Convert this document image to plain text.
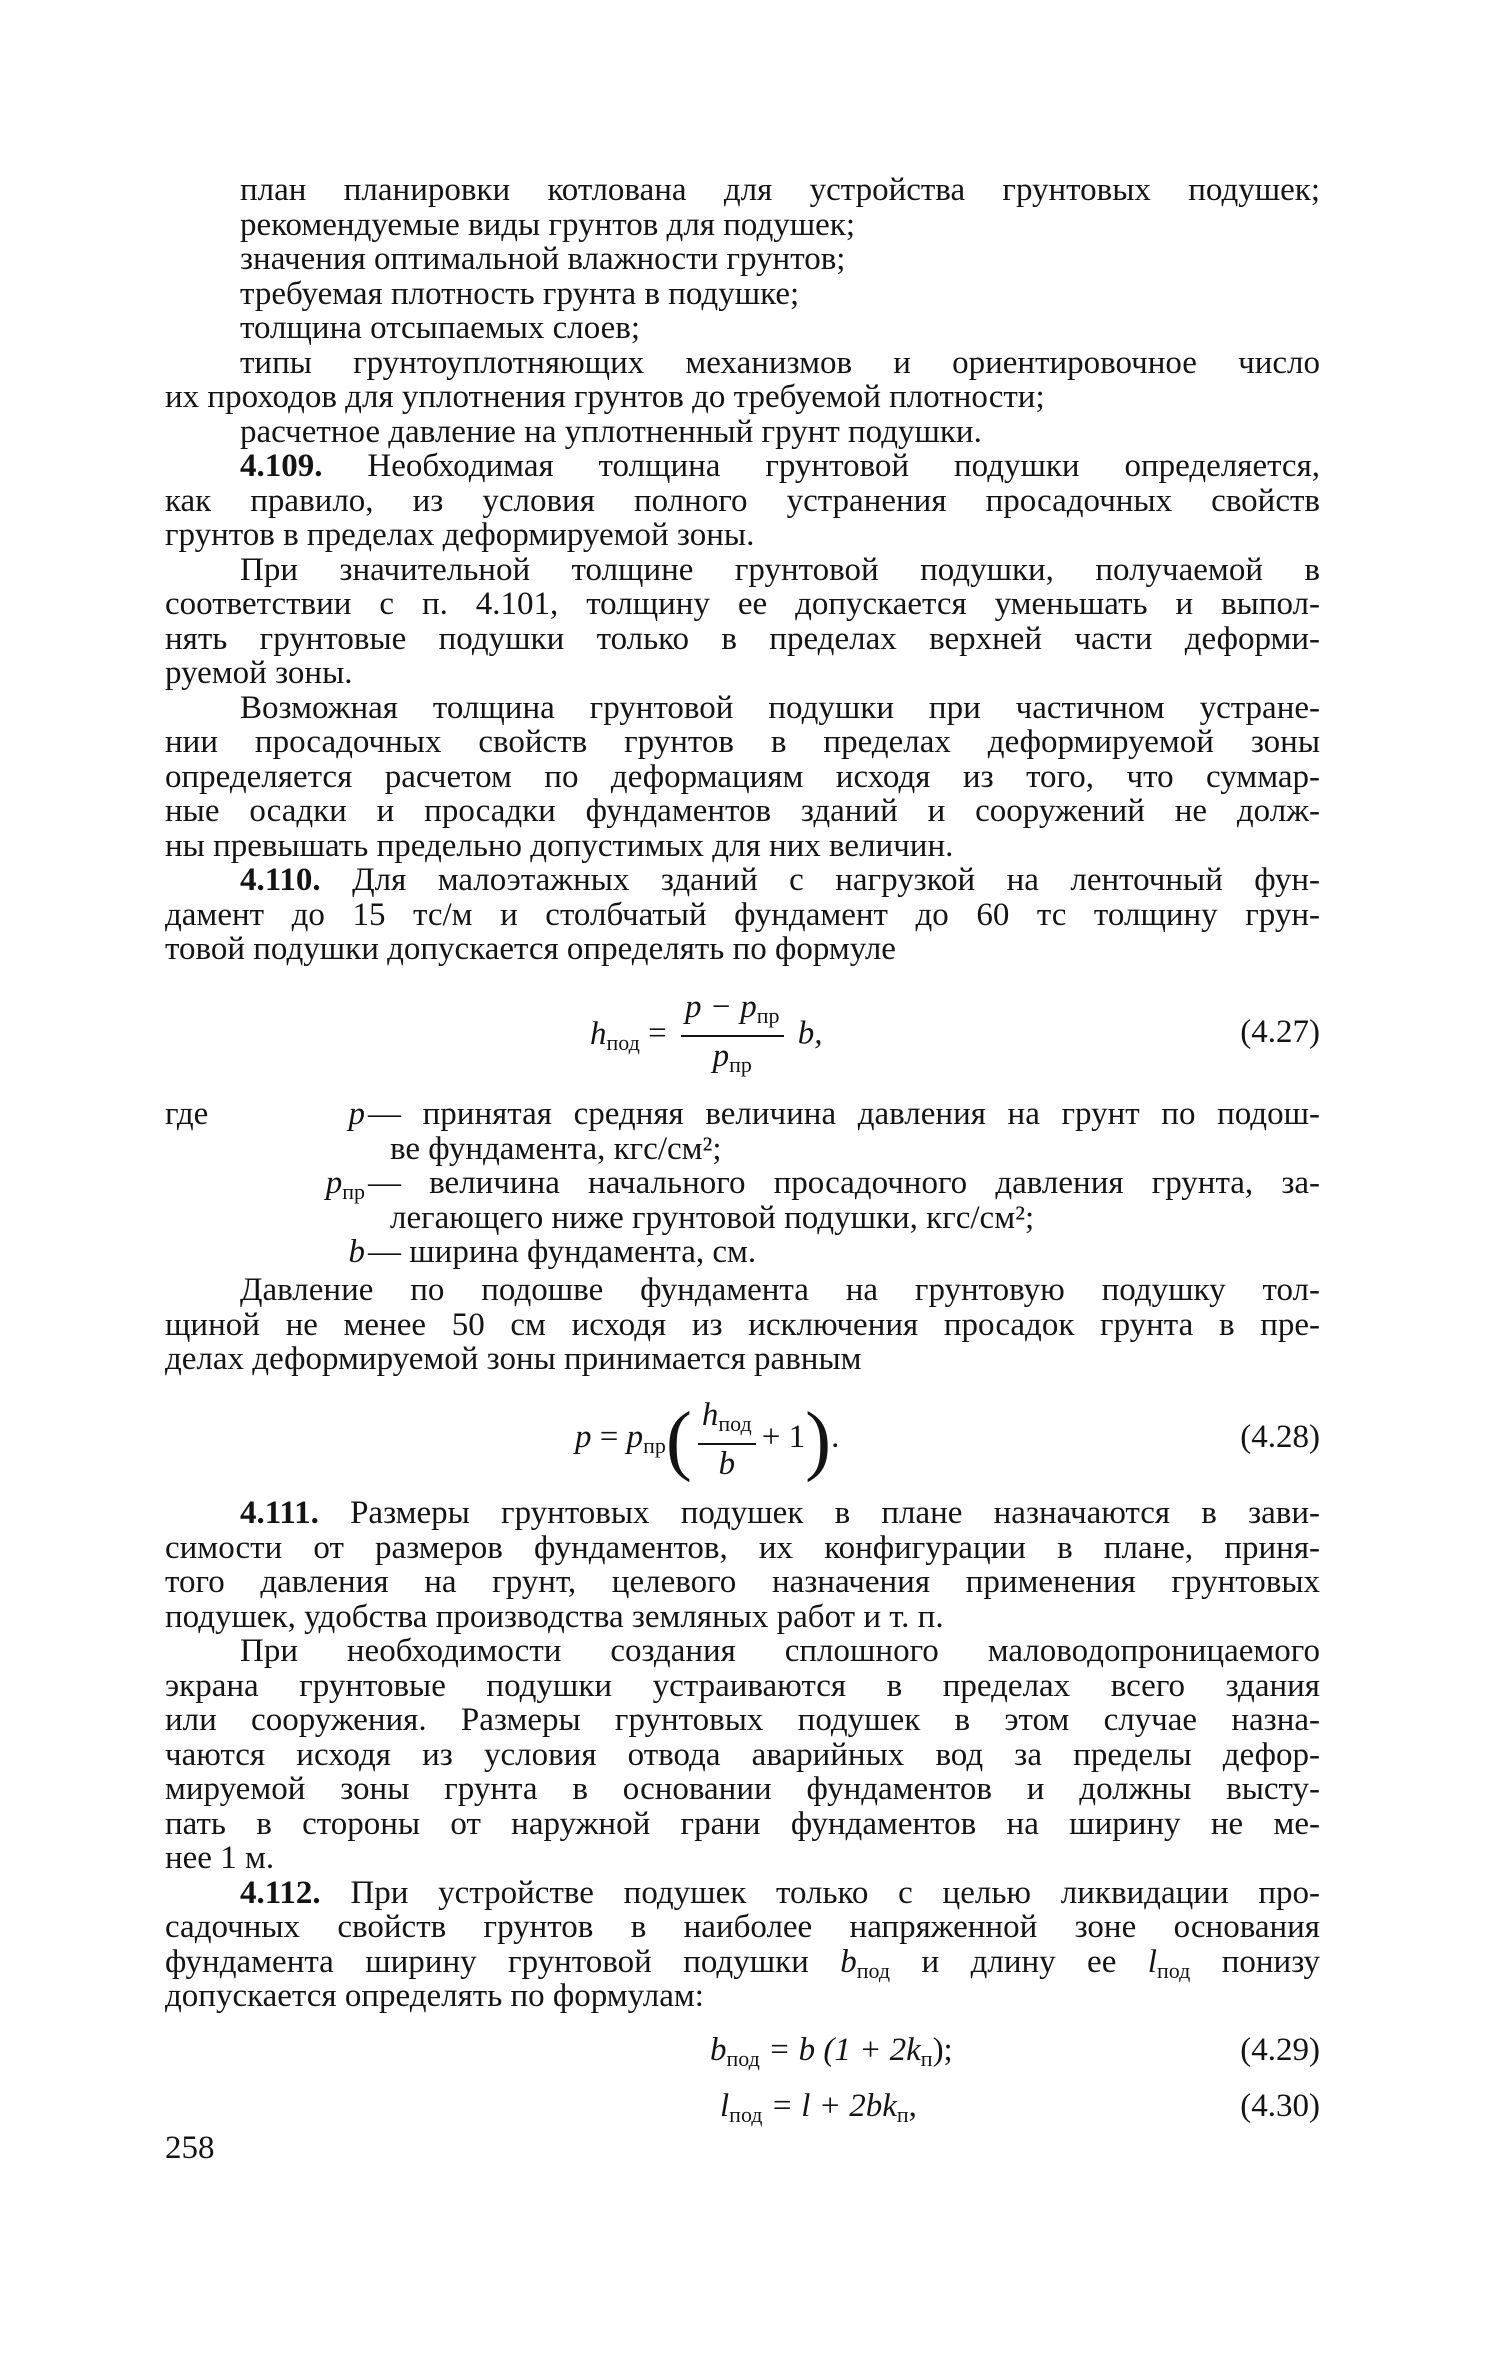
план планировки котлована для устройства грунтовых подушек;
рекомендуемые виды грунтов для подушек;
значения оптимальной влажности грунтов;
требуемая плотность грунта в подушке;
толщина отсыпаемых слоев;
типы грунтоуплотняющих механизмов и ориентировочное число
их проходов для уплотнения грунтов до требуемой плотности;
расчетное давление на уплотненный грунт подушки.
4.109. Необходимая толщина грунтовой подушки определяется,
как правило, из условия полного устранения просадочных свойств
грунтов в пределах деформируемой зоны.
При значительной толщине грунтовой подушки, получаемой в
соответствии с п. 4.101, толщину ее допускается уменьшать и выпол-
нять грунтовые подушки только в пределах верхней части деформи-
руемой зоны.
Возможная толщина грунтовой подушки при частичном устране-
нии просадочных свойств грунтов в пределах деформируемой зоны
определяется расчетом по деформациям исходя из того, что суммар-
ные осадки и просадки фундаментов зданий и сооружений не долж-
ны превышать предельно допустимых для них величин.
4.110. Для малоэтажных зданий с нагрузкой на ленточный фун-
дамент до 15 тс/м и столбчатый фундамент до 60 тс толщину грун-
товой подушки допускается определять по формуле
$h_{под} = \frac{p - p_{пр}}{p_{пр}} b$,	(4.27)
где	p — принятая средняя величина давления на грунт по подош-
ве фундамента, кгс/см²;
$p_{пр}$ — величина начального просадочного давления грунта, за-
легающего ниже грунтовой подушки, кгс/см²;
b — ширина фундамента, см.
Давление по подошве фундамента на грунтовую подушку тол-
щиной не менее 50 см исходя из исключения просадок грунта в пре-
делах деформируемой зоны принимается равным
$p = p_{пр}( \frac{h_{под}}{b} + 1)$.	(4.28)
4.111. Размеры грунтовых подушек в плане назначаются в зави-
симости от размеров фундаментов, их конфигурации в плане, приня-
того давления на грунт, целевого назначения применения грунтовых
подушек, удобства производства земляных работ и т. п.
При необходимости создания сплошного маловодопроницаемого
экрана грунтовые подушки устраиваются в пределах всего здания
или сооружения. Размеры грунтовых подушек в этом случае назна-
чаются исходя из условия отвода аварийных вод за пределы дефор-
мируемой зоны грунта в основании фундаментов и должны высту-
пать в стороны от наружной грани фундаментов на ширину не ме-
нее 1 м.
4.112. При устройстве подушек только с целью ликвидации про-
садочных свойств грунтов в наиболее напряженной зоне основания
фундамента ширину грунтовой подушки $b_{под}$ и длину ее $l_{под}$ понизу
допускается определять по формулам:
$b_{под} = b$ $(1 + 2k_п)$;	(4.29)
$l_{под} = l + 2bk_п$,	(4.30)
258
